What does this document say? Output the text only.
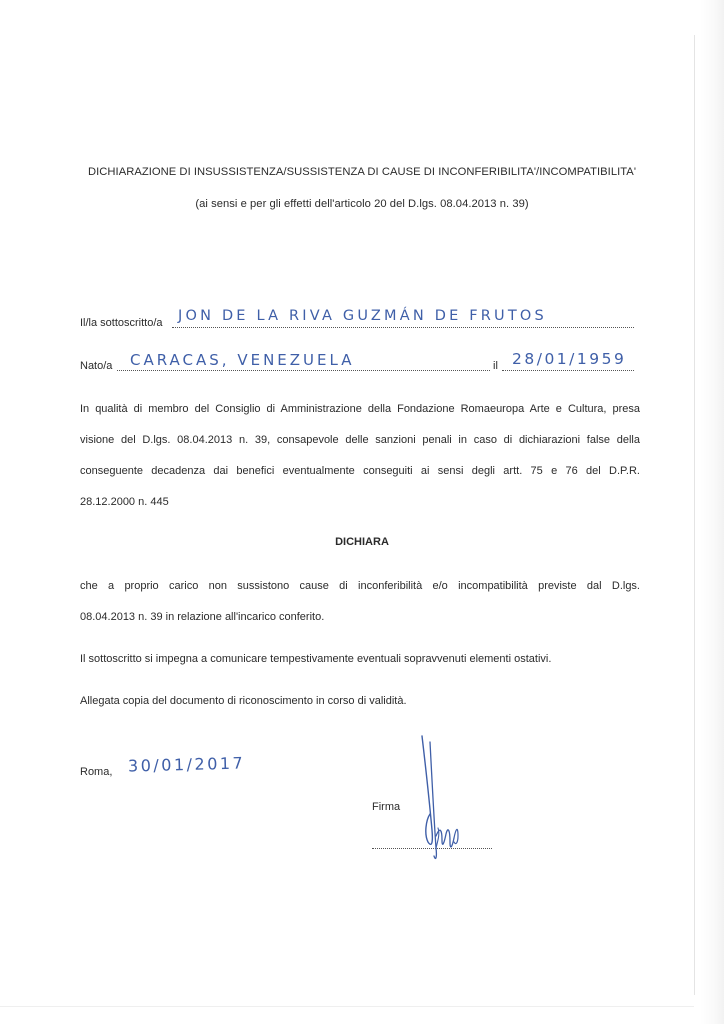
DICHIARAZIONE DI INSUSSISTENZA/SUSSISTENZA DI CAUSE DI INCONFERIBILITA'/INCOMPATIBILITA'
(ai sensi e per gli effetti dell'articolo 20 del D.lgs. 08.04.2013 n. 39)
Il/la sottoscritto/a JON DE LA RIVA GUZMÁN DE FRUTOS
Nato/a CARACAS, VENEZUELA	il 28/01/1959
In qualità di membro del Consiglio di Amministrazione della Fondazione Romaeuropa Arte e Cultura, presa
visione del D.lgs. 08.04.2013 n. 39, consapevole delle sanzioni penali in caso di dichiarazioni false della
conseguente decadenza dai benefici eventualmente conseguiti ai sensi degli artt. 75 e 76 del D.P.R.
28.12.2000 n. 445
DICHIARA
che a proprio carico non sussistono cause di inconferibilità e/o incompatibilità previste dal D.lgs.
08.04.2013 n. 39 in relazione all'incarico conferito.
Il sottoscritto si impegna a comunicare tempestivamente eventuali sopravvenuti elementi ostativi.
Allegata copia del documento di riconoscimento in corso di validità.
Roma, 30/01/2017
Firma
